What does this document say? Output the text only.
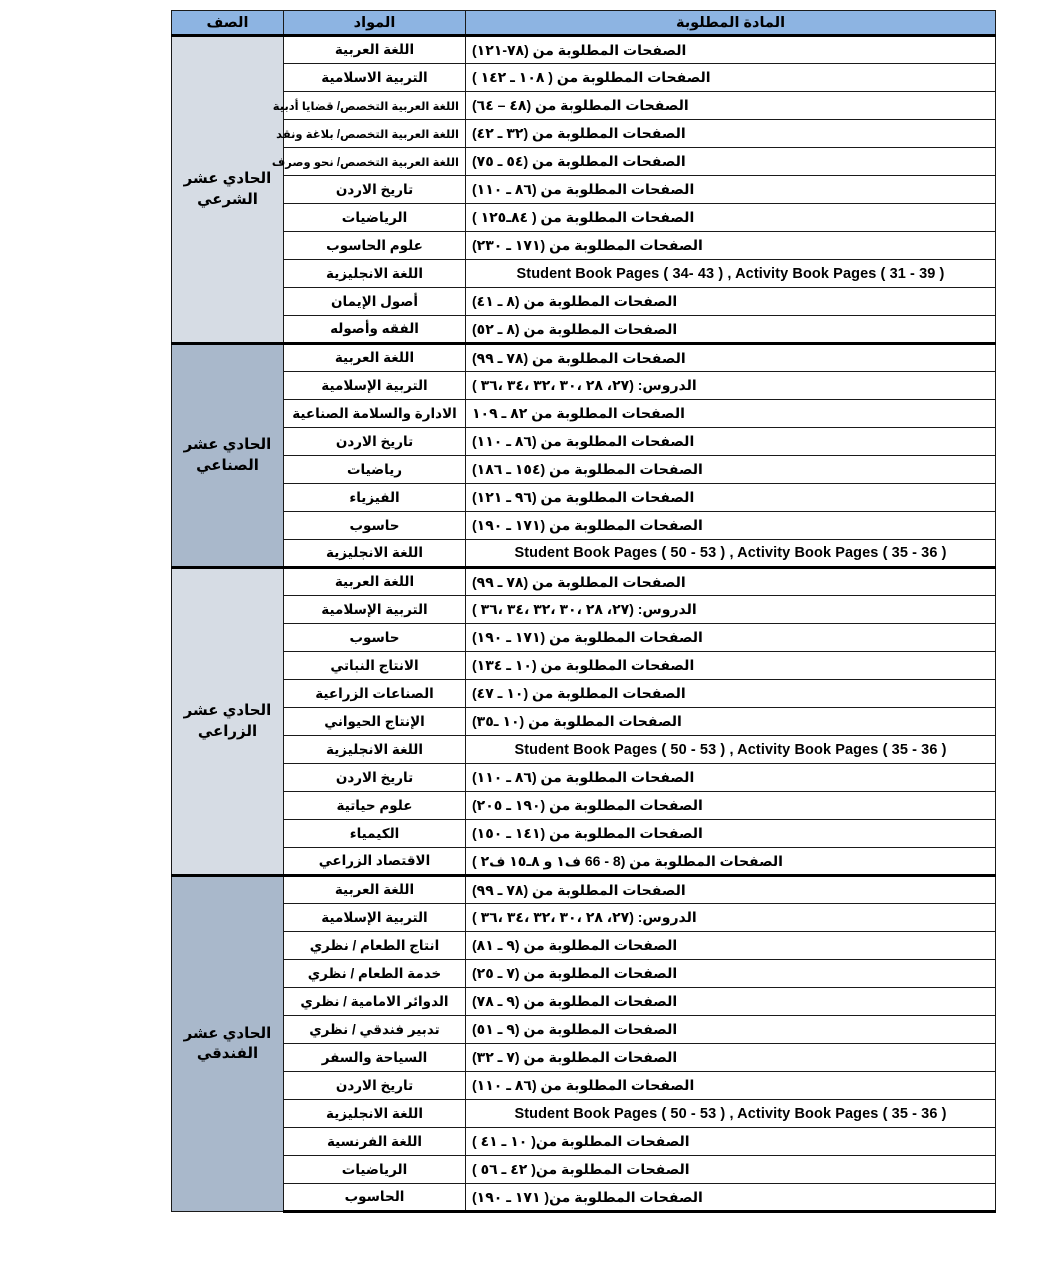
المادة المطلوبة	المواد	الصف
الصفحات المطلوبة من (٧٨-١٢١)	اللغة العربية	الحادي عشر الشرعي
الصفحات المطلوبة من ( ١٠٨ ـ ١٤٢ )	التربية الاسلامية	
الصفحات المطلوبة من (٤٨ – ٦٤)	اللغة العربية التخصص/ قضايا أدبية	
الصفحات المطلوبة من (٣٢ ـ ٤٢)	اللغة العربية التخصص/ بلاغة ونقد	
الصفحات المطلوبة من (٥٤ ـ ٧٥)	اللغة العربية التخصص/ نحو وصرف	
الصفحات المطلوبة من (٨٦ ـ ١١٠)	تاريخ الاردن	
الصفحات المطلوبة من ( ٨٤ـ١٢٥ )	الرياضيات	
الصفحات المطلوبة من (١٧١ ـ ٢٣٠)	علوم الحاسوب	
Student Book Pages ( 34- 43 ) , Activity Book Pages ( 31 - 39 )	اللغة الانجليزية	
الصفحات المطلوبة من (٨ ـ ٤١)	أصول الإيمان	
الصفحات المطلوبة من (٨ ـ ٥٢)	الفقه وأصوله	
الصفحات المطلوبة من (٧٨ ـ ٩٩)	اللغة العربية	الحادي عشر الصناعي
الدروس: (٢٧، ٢٨ ،٣٠ ،٣٢ ،٣٤ ،٣٦ )	التربية الإسلامية	
الصفحات المطلوبة من ٨٢ ـ ١٠٩	الادارة والسلامة الصناعية	
الصفحات المطلوبة من (٨٦ ـ ١١٠)	تاريخ الاردن	
الصفحات المطلوبة من (١٥٤ ـ ١٨٦)	رياضيات	
الصفحات المطلوبة من (٩٦ ـ ١٢١)	الفيزياء	
الصفحات المطلوبة من (١٧١ ـ ١٩٠)	حاسوب	
Student Book Pages ( 50 - 53 ) , Activity Book Pages ( 35 - 36 )	اللغة الانجليزية	
الصفحات المطلوبة من (٧٨ ـ ٩٩)	اللغة العربية	الحادي عشر الزراعي
الدروس: (٢٧، ٢٨ ،٣٠ ،٣٢ ،٣٤ ،٣٦ )	التربية الإسلامية	
الصفحات المطلوبة من (١٧١ ـ ١٩٠)	حاسوب	
الصفحات المطلوبة من (١٠ ـ ١٣٤)	الانتاج النباتي	
الصفحات المطلوبة من (١٠ ـ ٤٧)	الصناعات الزراعية	
الصفحات المطلوبة من (١٠ ـ٣٥)	الإنتاج الحيواني	
Student Book Pages ( 50 - 53 ) , Activity Book Pages ( 35 - 36 )	اللغة الانجليزية	
الصفحات المطلوبة من (٨٦ ـ ١١٠)	تاريخ الاردن	
الصفحات المطلوبة من (١٩٠ ـ ٢٠٥)	علوم حياتية	
الصفحات المطلوبة من (١٤١ ـ ١٥٠)	الكيمياء	
الصفحات المطلوبة من (8 - 66 ف١ و ٨ـ١٥ ف٢ )	الاقتصاد الزراعي	
الصفحات المطلوبة من (٧٨ ـ ٩٩)	اللغة العربية	الحادي عشر الفندقي
الدروس: (٢٧، ٢٨ ،٣٠ ،٣٢ ،٣٤ ،٣٦ )	التربية الإسلامية	
الصفحات المطلوبة من (٩ ـ ٨١)	انتاج الطعام / نظري	
الصفحات المطلوبة من (٧ ـ ٢٥)	خدمة الطعام / نظري	
الصفحات المطلوبة من (٩ ـ ٧٨)	الدوائر الامامية / نظري	
الصفحات المطلوبة من (٩ ـ ٥١)	تدبير فندقي / نظري	
الصفحات المطلوبة من (٧ ـ ٣٢)	السياحة والسفر	
الصفحات المطلوبة من (٨٦ ـ ١١٠)	تاريخ الاردن	
Student Book Pages ( 50 - 53 ) , Activity Book Pages ( 35 - 36 )	اللغة الانجليزية	
الصفحات المطلوبة من( ١٠ ـ ٤١ )	اللغة الفرنسية	
الصفحات المطلوبة من( ٤٢ ـ ٥٦ )	الرياضيات	
الصفحات المطلوبة من( ١٧١ ـ ١٩٠)	الحاسوب	
